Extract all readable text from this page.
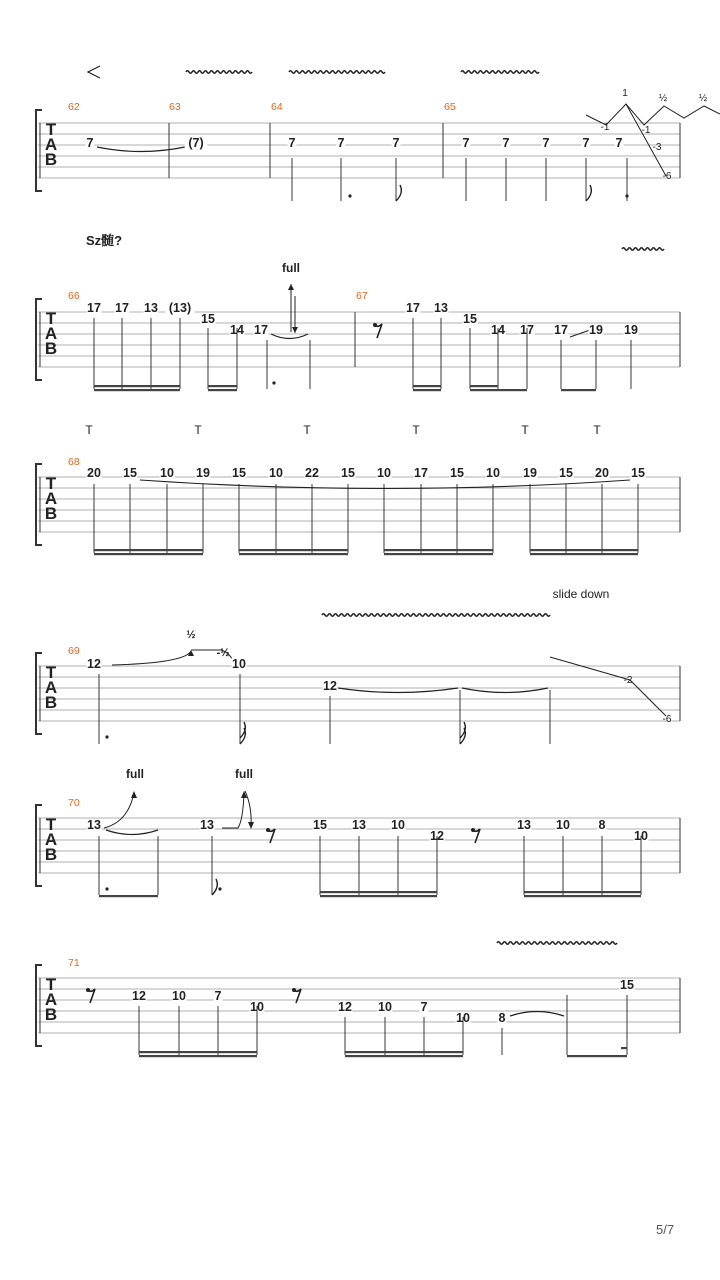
T
A
B
62	63	64	65
1
-1	-1
-3
-6
½	½
7	(7)	7	7	7	7	7	7	7 7
Sz髄?
T
A
B
66	67
full
17 17 13 (13)
15
14 17
17 13
15
14 17 17 19 19
T	T	T	T	T	T
T
A
B
68
20 15 10 19 15 10 22 15 10 17 15 10 19 15 20 15
slide down
T
A
B
69
½
-½
12	10
12	-2
-6
T
A
B
70
full	full
13	13	15 13 10
12
13 10 8
10
T
A
B
71
12 10 7
10	12 10 7
10 8
15
5/7
